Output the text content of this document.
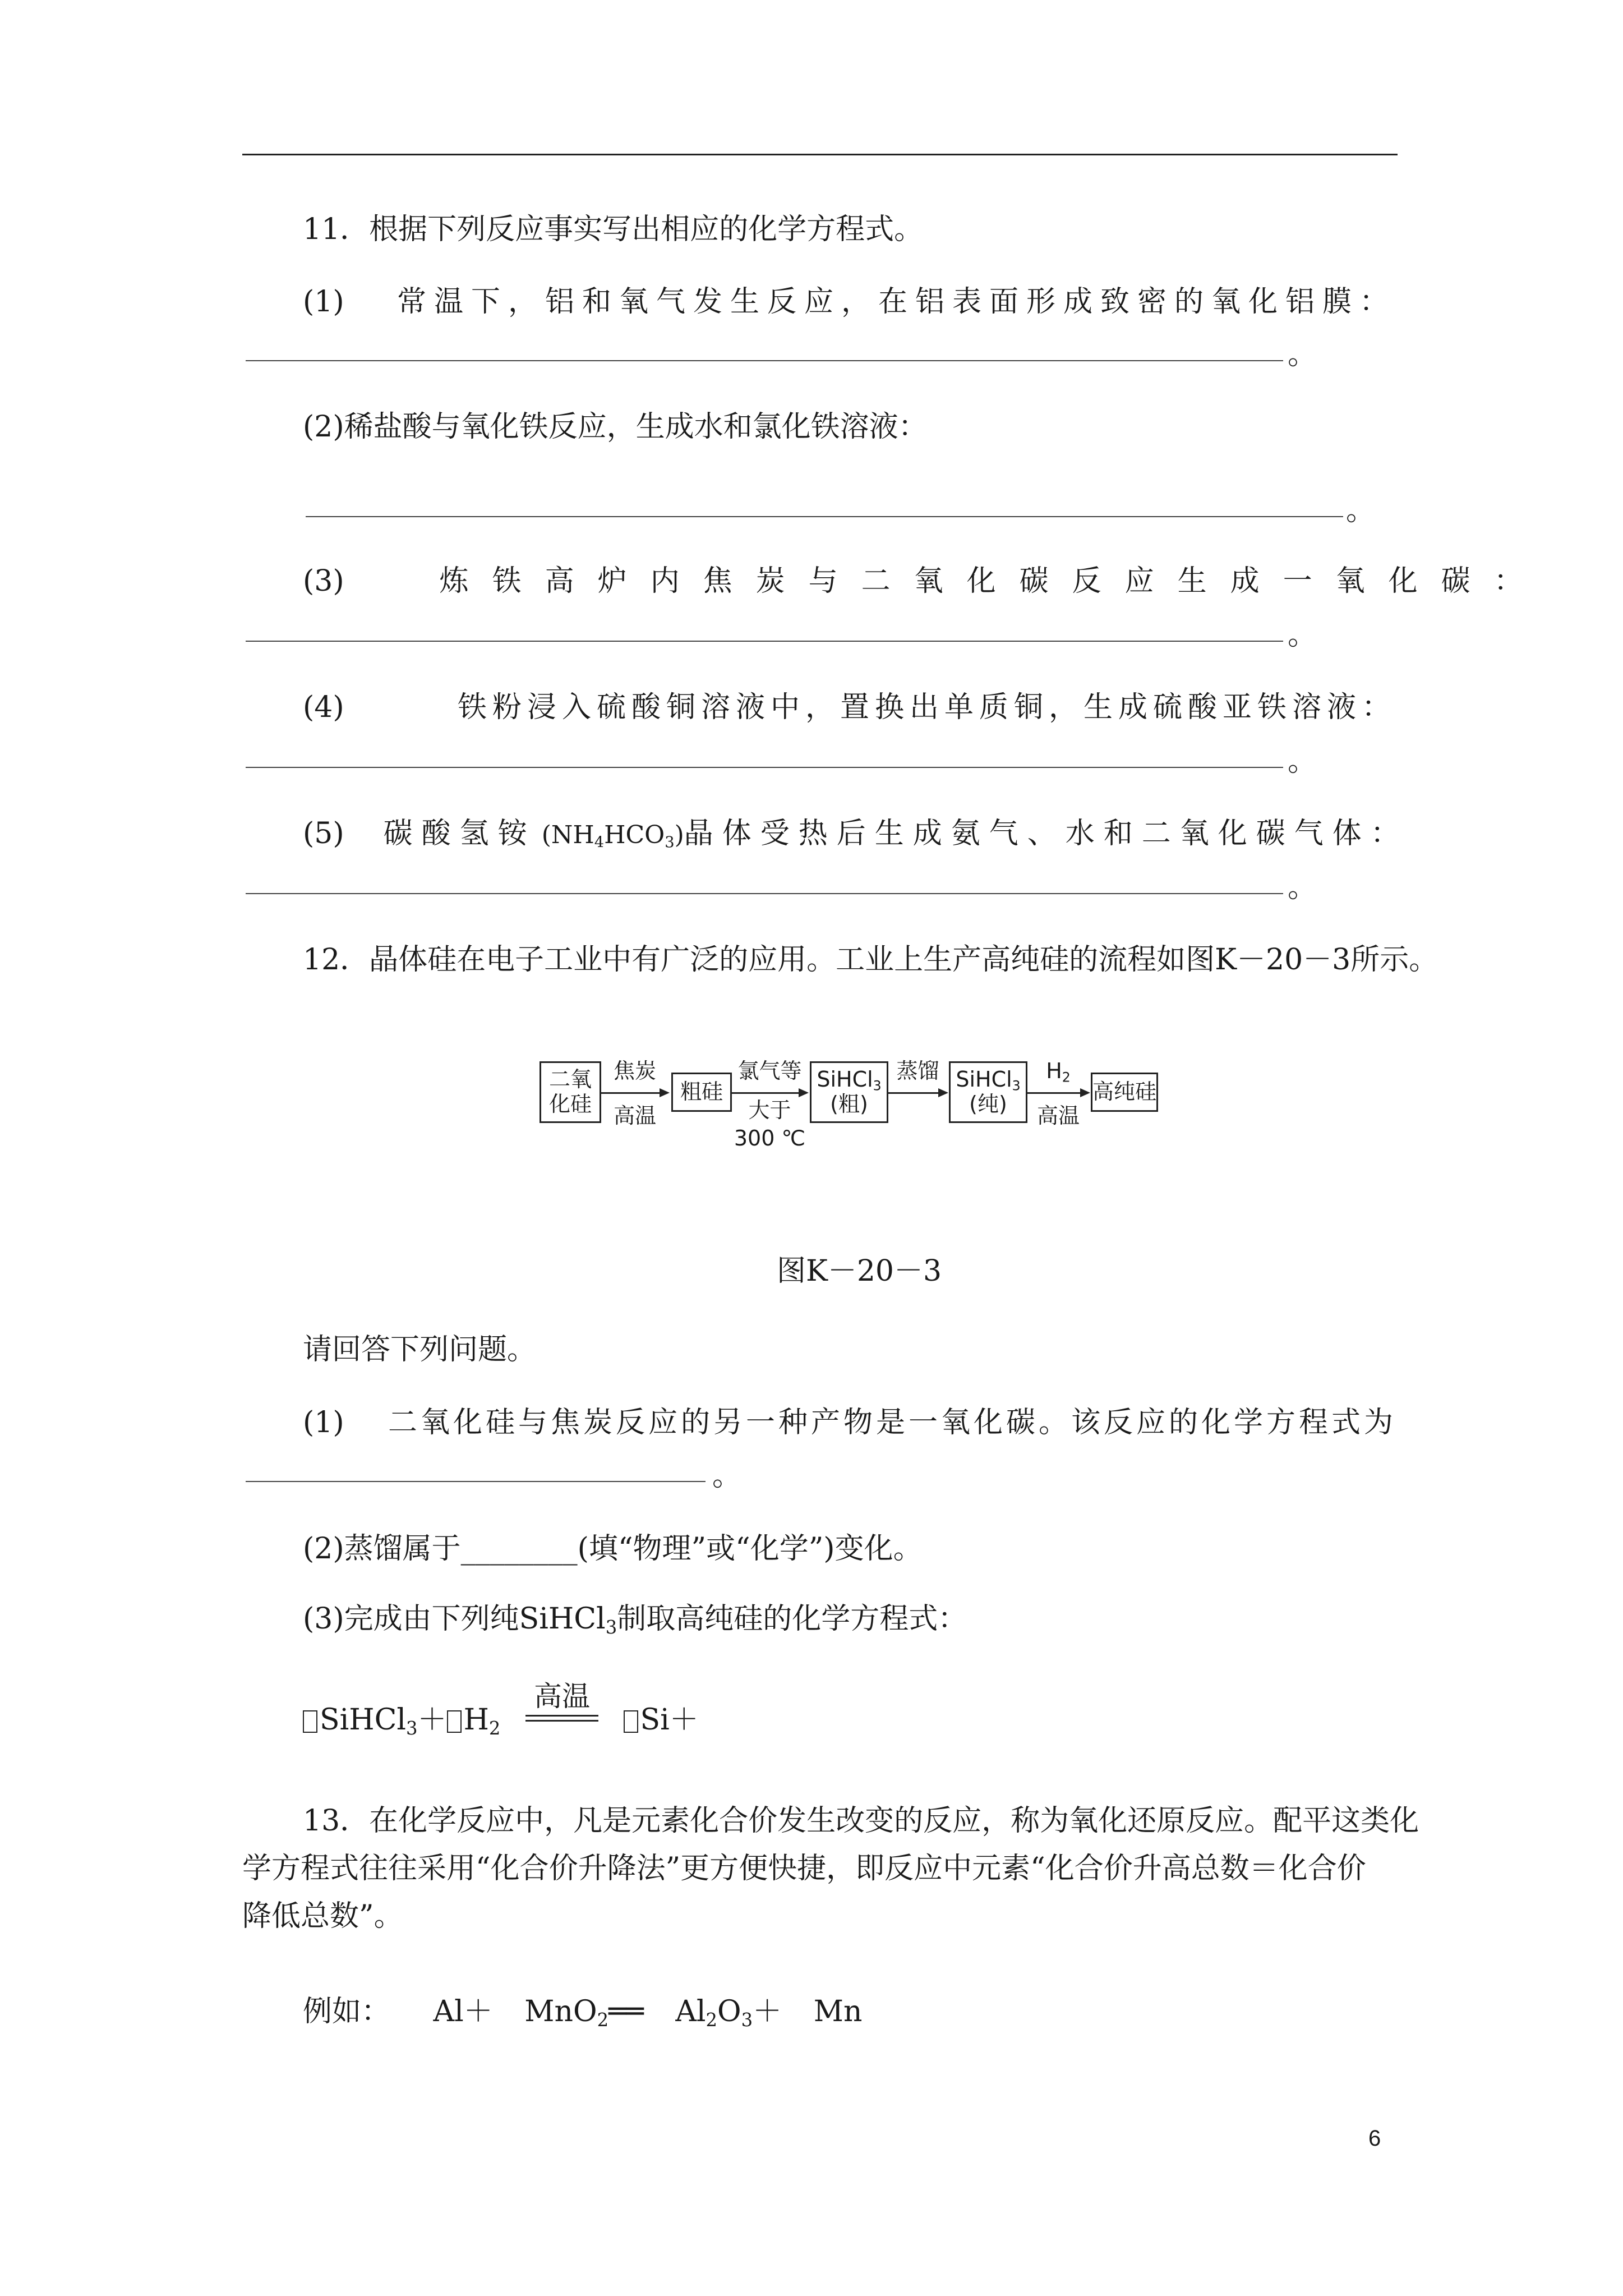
11．根据下列反应事实写出相应的化学方程式。
(1) 常温下，铝和氧气发生反应，在铝表面形成致密的氧化铝膜：
。
(2)稀盐酸与氧化铁反应，生成水和氯化铁溶液：
。
(3)	炼铁高炉内焦炭与二氧化碳反应生成一氧化碳：
。
(4)	铁粉浸入硫酸铜溶液中，置换出单质铜，生成硫酸亚铁溶液：
。
(5) 碳酸氢铵 $(NH_4HCO_3)$ 晶体受热后生成氨气、水和二氧化碳气体：
。
12．晶体硅在电子工业中有广泛的应用。工业上生产高纯硅的流程如图K－20－3所示。
二氧
化硅
焦炭
高温
粗硅
氯气等
大于
300 ℃
SiHCl$_3$
(粗)
蒸馏 SiHCl$_3$
(纯)
$H_2$
高温
高纯硅
图K－20－3
请回答下列问题。
(1) 二氧化硅与焦炭反应的另一种产物是一氧化碳。该反应的化学方程式为
。
(2)蒸馏属于________(填“物理”或“化学”)变化。
(3)完成由下列纯SiHCl$_3$制取高纯硅的化学方程式：
SiHCl$_3$＋ $H_2$
高温
Si＋
13．在化学反应中，凡是元素化合价发生改变的反应，称为氧化还原反应。配平这类化
学方程式往往采用“化合价升降法”更方便快捷，即反应中元素“化合价升高总数＝化合价
降低总数”。
例如： Al＋ MnO$_2$══ $Al_2O_3+ Mn$
6
